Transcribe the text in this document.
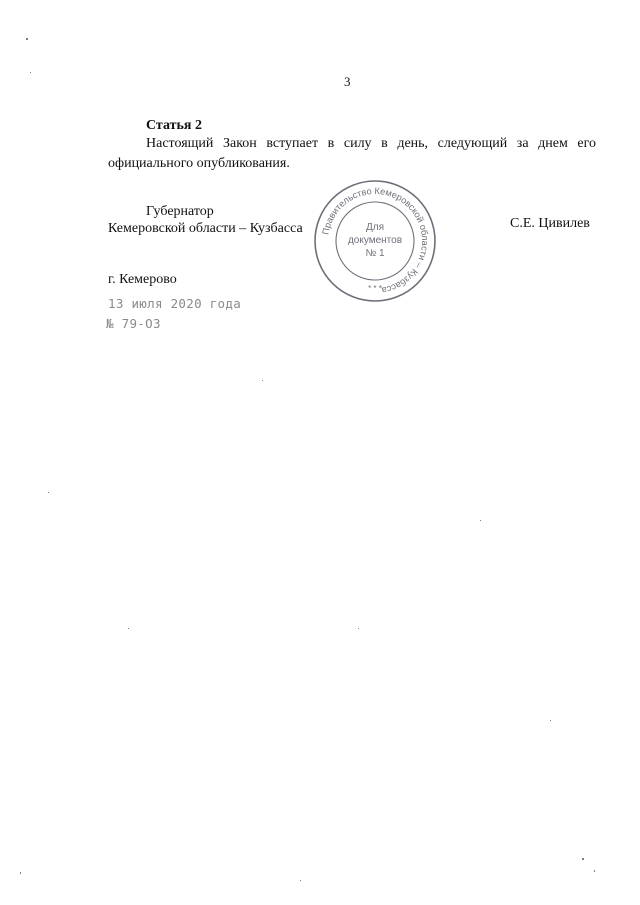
3
Статья 2

Настоящий Закон вступает в силу в день, следующий за днем его официального опубликования.

Губернатор
Кемеровской области – Кузбасса	С.Е. Цивилев
Правительство Кемеровской области – Кузбасса
Для
документов
№ 1
* * *
г. Кемерово
13 июля 2020 года
№ 79-ОЗ
